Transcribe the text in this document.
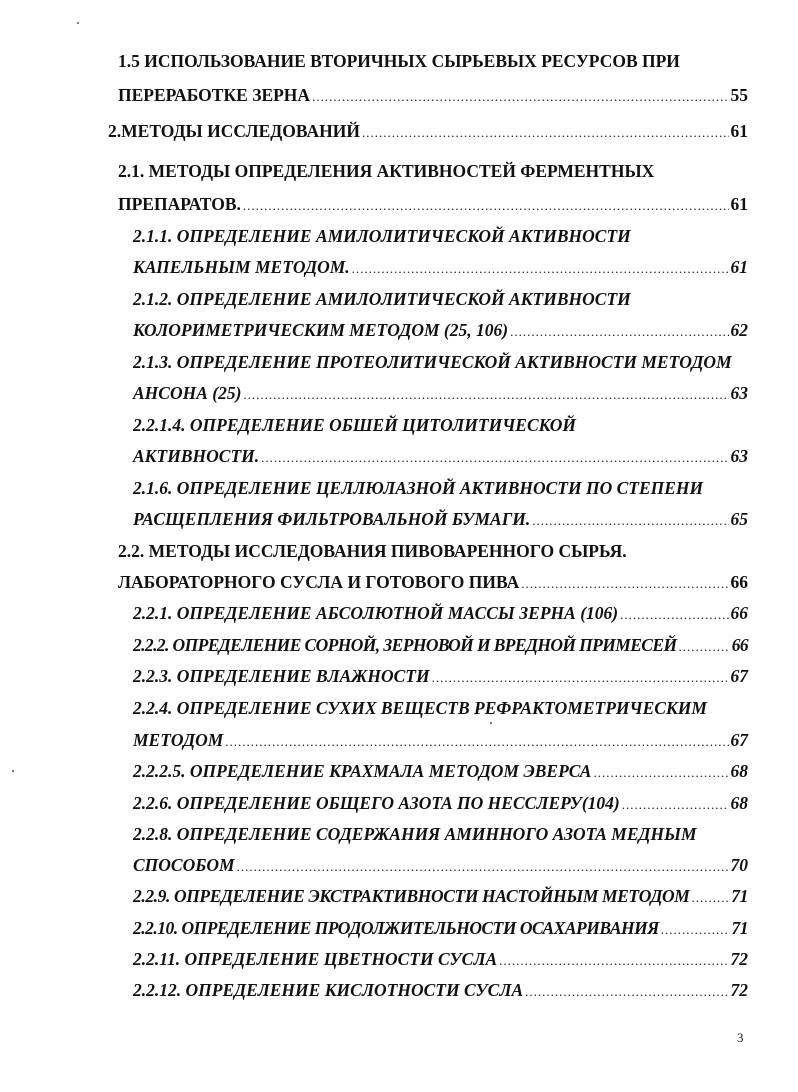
1.5 ИСПОЛЬЗОВАНИЕ ВТОРИЧНЫХ СЫРЬЕВЫХ РЕСУРСОВ ПРИ
ПЕРЕРАБОТКЕ ЗЕРНА .....	55
2. МЕТОДЫ ИССЛЕДОВАНИЙ .....	61
2.1. МЕТОДЫ ОПРЕДЕЛЕНИЯ АКТИВНОСТЕЙ ФЕРМЕНТНЫХ
ПРЕПАРАТОВ. .....	61
2.1.1. ОПРЕДЕЛЕНИЕ АМИЛОЛИТИЧЕСКОЙ АКТИВНОСТИ
КАПЕЛЬНЫМ МЕТОДОМ. .....	61
2.1.2. ОПРЕДЕЛЕНИЕ АМИЛОЛИТИЧЕСКОЙ АКТИВНОСТИ
КОЛОРИМЕТРИЧЕСКИМ МЕТОДОМ (25, 106) .....	62
2.1.3. ОПРЕДЕЛЕНИЕ ПРОТЕОЛИТИЧЕСКОЙ АКТИВНОСТИ МЕТОДОМ
АНСОНА (25) .....	63
2.2.1.4. ОПРЕДЕЛЕНИЕ ОБШЕЙ ЦИТОЛИТИЧЕСКОЙ
АКТИВНОСТИ. .....	63
2.1.6. ОПРЕДЕЛЕНИЕ ЦЕЛЛЮЛАЗНОЙ АКТИВНОСТИ ПО СТЕПЕНИ
РАСЩЕПЛЕНИЯ ФИЛЬТРОВАЛЬНОЙ БУМАГИ. .....	65
2.2. МЕТОДЫ ИССЛЕДОВАНИЯ ПИВОВАРЕННОГО СЫРЬЯ.
ЛАБОРАТОРНОГО СУСЛА И ГОТОВОГО ПИВА .....	66
2.2.1. ОПРЕДЕЛЕНИЕ АБСОЛЮТНОЙ МАССЫ ЗЕРНА (106) .....	66
2.2.2. ОПРЕДЕЛЕНИЕ СОРНОЙ, ЗЕРНОВОЙ И ВРЕДНОЙ ПРИМЕСЕЙ .....	66
2.2.3. ОПРЕДЕЛЕНИЕ ВЛАЖНОСТИ .....	67
2.2.4. ОПРЕДЕЛЕНИЕ СУХИХ ВЕЩЕСТВ РЕФРАКТОМЕТРИЧЕСКИМ
МЕТОДОМ .....	67
2.2.2.5. ОПРЕДЕЛЕНИЕ КРАХМАЛА МЕТОДОМ ЭВЕРСА .....	68
2.2.6. ОПРЕДЕЛЕНИЕ ОБЩЕГО АЗОТА ПО НЕССЛЕРУ(104) .....	68
2.2.8. ОПРЕДЕЛЕНИЕ СОДЕРЖАНИЯ АМИННОГО АЗОТА МЕДНЫМ
СПОСОБОМ .....	70
2.2.9. ОПРЕДЕЛЕНИЕ ЭКСТРАКТИВНОСТИ НАСТОЙНЫМ МЕТОДОМ ..... 71
2.2.10. ОПРЕДЕЛЕНИЕ ПРОДОЛЖИТЕЛЬНОСТИ ОСАХАРИВАНИЯ .....	71
2.2.11. ОПРЕДЕЛЕНИЕ ЦВЕТНОСТИ СУСЛА .....	72
2.2.12. ОПРЕДЕЛЕНИЕ КИСЛОТНОСТИ СУСЛА .....	72
3
